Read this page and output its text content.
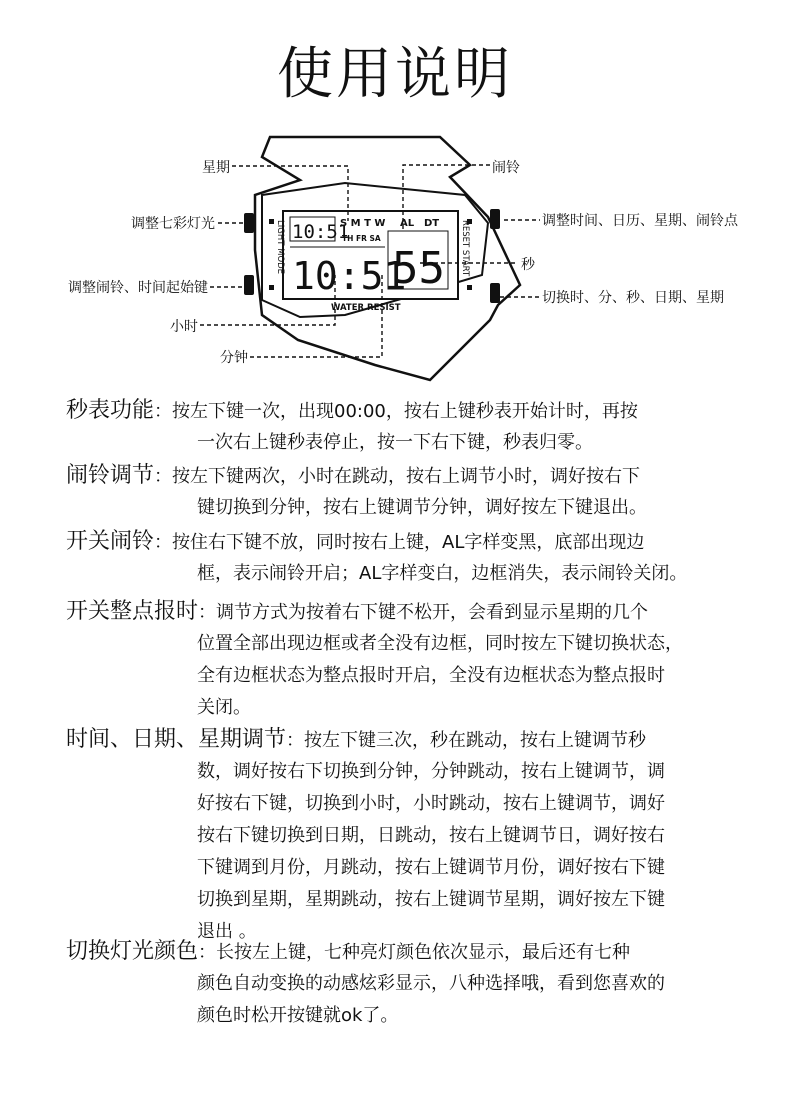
使用说明
LIGHT MODE	RESET START
WATER RESIST
S M T W
TH FR SA
AL DT
10:51
10:51
55
星期	闹铃
调整七彩灯光	调整时间、日历、星期、闹铃点
秒
调整闹铃、时间起始键
切换时、分、秒、日期、星期
小时
分钟
秒表功能：按左下键一次，出现00:00，按右上键秒表开始计时，再按
一次右上键秒表停止，按一下右下键，秒表归零。
闹铃调节：按左下键两次，小时在跳动，按右上调节小时，调好按右下
键切换到分钟，按右上键调节分钟，调好按左下键退出。
开关闹铃：按住右下键不放，同时按右上键，AL字样变黑，底部出现边
框，表示闹铃开启；AL字样变白，边框消失，表示闹铃关闭。
开关整点报时：调节方式为按着右下键不松开，会看到显示星期的几个
位置全部出现边框或者全没有边框，同时按左下键切换状态，
全有边框状态为整点报时开启，全没有边框状态为整点报时
关闭。
时间、日期、星期调节：按左下键三次，秒在跳动，按右上键调节秒
数，调好按右下切换到分钟，分钟跳动，按右上键调节，调
好按右下键，切换到小时，小时跳动，按右上键调节，调好
按右下键切换到日期，日跳动，按右上键调节日，调好按右
下键调到月份，月跳动，按右上键调节月份，调好按右下键
切换到星期，星期跳动，按右上键调节星期，调好按左下键
退出 。
切换灯光颜色：长按左上键，七种亮灯颜色依次显示，最后还有七种
颜色自动变换的动感炫彩显示，八种选择哦，看到您喜欢的
颜色时松开按键就ok了。
